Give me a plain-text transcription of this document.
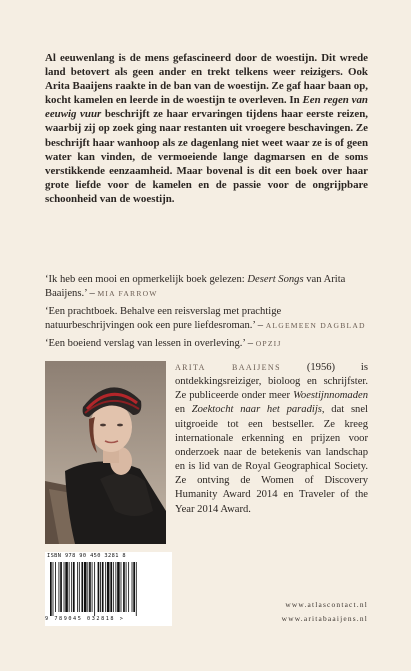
Al eeuwenlang is de mens gefascineerd door de woestijn. Dit wrede land betovert als geen ander en trekt telkens weer reizigers. Ook Arita Baaijens raakte in de ban van de woestijn. Ze gaf haar baan op, kocht kamelen en leerde in de woestijn te overleven. In Een regen van eeuwig vuur beschrijft ze haar ervaringen tijdens haar eerste reizen, waarbij zij op zoek ging naar restanten uit vroegere beschavingen. Ze beschrijft haar wanhoop als ze dagenlang niet weet waar ze is of geen water kan vinden, de vermoeiende lange dagmarsen en de soms verstikkende eenzaamheid. Maar bovenal is dit een boek over haar grote liefde voor de kamelen en de passie voor de ongrijpbare schoonheid van de woestijn.
‘Ik heb een mooi en opmerkelijk boek gelezen: Desert Songs van Arita Baaijens.’ – MIA FARROW
‘Een prachtboek. Behalve een reisverslag met prachtige natuurbeschrijvingen ook een pure liefdesroman.’ – ALGEMEEN DAGBLAD
‘Een boeiend verslag van lessen in overleving.’ – OPZIJ
ARITA BAAIJENS (1956) is ontdekkingsreiziger, bioloog en schrijfster. Ze publiceerde onder meer Woestijnnomaden en Zoektocht naar het paradijs, dat snel uitgroeide tot een bestseller. Ze kreeg internationale erkenning en prijzen voor onderzoek naar de betekenis van landschap en is lid van de Royal Geographical Society. Ze ontving de Women of Discovery Humanity Award 2014 en Traveler of the Year 2014 Award.
ISBN 978 90 450 3281 8
9 789045 032818 >
www.atlascontact.nl
www.aritabaaijens.nl
